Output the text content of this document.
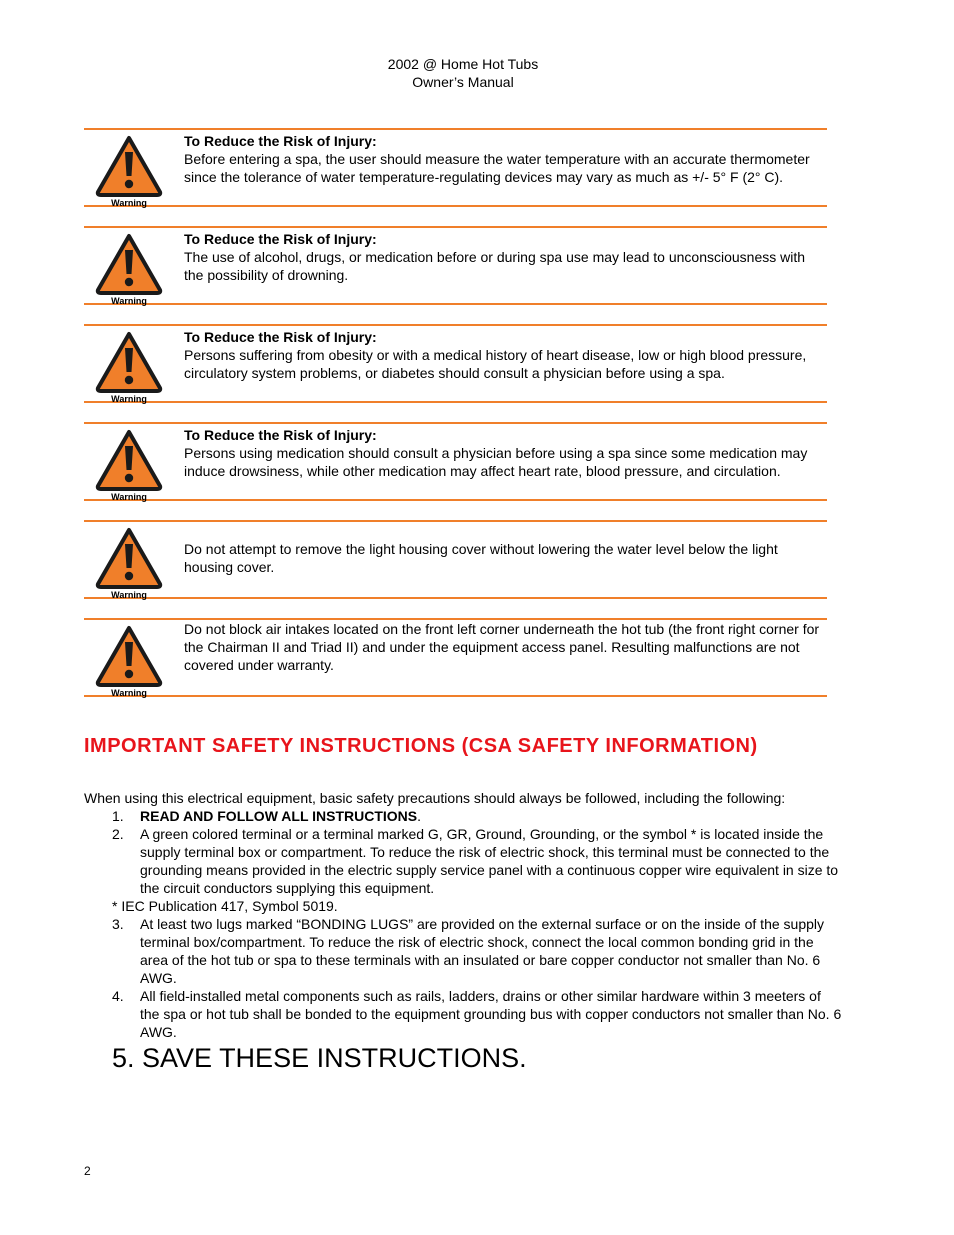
2002 @ Home Hot Tubs
Owner’s Manual
Warning
To Reduce the Risk of Injury:
Before entering a spa, the user should measure the water temperature with an accurate thermometer since the tolerance of water temperature-regulating devices may vary as much as +/- 5° F (2° C).
Warning
To Reduce the Risk of Injury:
The use of alcohol, drugs, or medication before or during spa use may lead to unconsciousness with the possibility of drowning.
Warning
To Reduce the Risk of Injury:
Persons suffering from obesity or with a medical history of heart disease, low or high blood pressure, circulatory system problems, or diabetes should consult a physician before using a spa.
Warning
To Reduce the Risk of Injury:
Persons using medication should consult a physician before using a spa since some medication may induce drowsiness, while other medication may affect heart rate, blood pressure, and circulation.
Warning
Do not attempt to remove the light housing cover without lowering the water level below the light housing cover.
Warning
Do not block air intakes located on the front left corner underneath the hot tub (the front right corner for the Chairman II and Triad II) and under the equipment access panel. Resulting malfunctions are not covered under warranty.
IMPORTANT SAFETY INSTRUCTIONS (CSA SAFETY INFORMATION)
When using this electrical equipment, basic safety precautions should always be followed, including the following:
1. READ AND FOLLOW ALL INSTRUCTIONS.
2. A green colored terminal or a terminal marked G, GR, Ground, Grounding, or the symbol * is located inside the supply terminal box or compartment. To reduce the risk of electric shock, this terminal must be connected to the grounding means provided in the electric supply service panel with a continuous copper wire equivalent in size to the circuit conductors supplying this equipment.
* IEC Publication 417, Symbol 5019.
3. At least two lugs marked “BONDING LUGS” are provided on the external surface or on the inside of the supply terminal box/compartment. To reduce the risk of electric shock, connect the local common bonding grid in the area of the hot tub or spa to these terminals with an insulated or bare copper conductor not smaller than No. 6 AWG.
4. All field-installed metal components such as rails, ladders, drains or other similar hardware within 3 meeters of the spa or hot tub shall be bonded to the equipment grounding bus with copper conductors not smaller than No. 6 AWG.
5. SAVE THESE INSTRUCTIONS.
2
